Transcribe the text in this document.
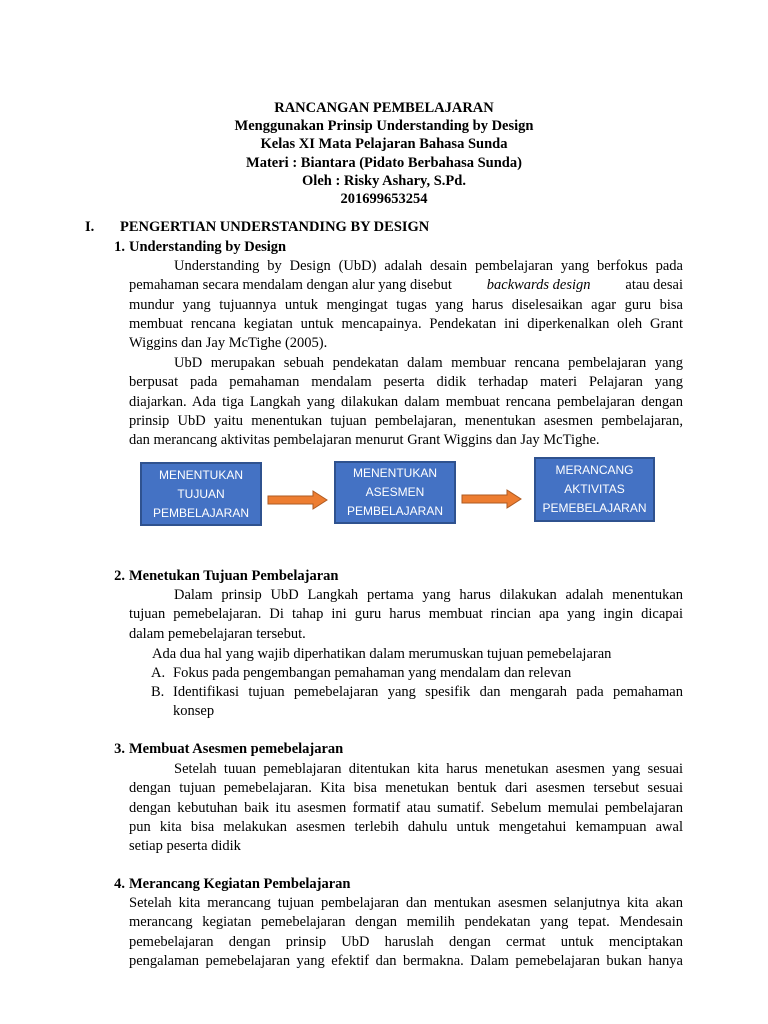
RANCANGAN PEMBELAJARAN
Menggunakan Prinsip Understanding by Design
Kelas XI Mata Pelajaran Bahasa Sunda
Materi : Biantara (Pidato Berbahasa Sunda)
Oleh : Risky Ashary, S.Pd.
201699653254
I. PENGERTIAN UNDERSTANDING BY DESIGN
1. Understanding by Design
Understanding by Design (UbD) adalah desain pembelajaran yang berfokus pada
pemahaman secara mendalam dengan alur yang disebut backwards design atau desai
mundur yang tujuannya untuk mengingat tugas yang harus diselesaikan agar guru bisa
membuat rencana kegiatan untuk mencapainya. Pendekatan ini diperkenalkan oleh Grant
Wiggins dan Jay McTighe (2005).
UbD merupakan sebuah pendekatan dalam membuar rencana pembelajaran yang
berpusat pada pemahaman mendalam peserta didik terhadap materi Pelajaran yang
diajarkan. Ada tiga Langkah yang dilakukan dalam membuat rencana pembelajaran dengan
prinsip UbD yaitu menentukan tujuan pembelajaran, menentukan asesmen pembelajaran,
dan merancang aktivitas pembelajaran menurut Grant Wiggins dan Jay McTighe.
MENENTUKAN
TUJUAN
PEMBELAJARAN
MENENTUKAN
ASESMEN
PEMBELAJARAN
MERANCANG
AKTIVITAS
PEMEBELAJARAN
2. Menetukan Tujuan Pembelajaran
Dalam prinsip UbD Langkah pertama yang harus dilakukan adalah menentukan
tujuan pemebelajaran. Di tahap ini guru harus membuat rincian apa yang ingin dicapai
dalam pemebelajaran tersebut.
Ada dua hal yang wajib diperhatikan dalam merumuskan tujuan pemebelajaran
A. Fokus pada pengembangan pemahaman yang mendalam dan relevan
B. Identifikasi tujuan pemebelajaran yang spesifik dan mengarah pada pemahaman
konsep
3. Membuat Asesmen pemebelajaran
Setelah tuuan pemeblajaran ditentukan kita harus menetukan asesmen yang sesuai
dengan tujuan pemebelajaran. Kita bisa menetukan bentuk dari asesmen tersebut sesuai
dengan kebutuhan baik itu asesmen formatif atau sumatif. Sebelum memulai pembelajaran
pun kita bisa melakukan asesmen terlebih dahulu untuk mengetahui kemampuan awal
setiap peserta didik
4. Merancang Kegiatan Pembelajaran
Setelah kita merancang tujuan pembelajaran dan mentukan asesmen selanjutnya kita akan
merancang kegiatan pemebelajaran dengan memilih pendekatan yang tepat. Mendesain
pemebelajaran dengan prinsip UbD haruslah dengan cermat untuk menciptakan
pengalaman pemebelajaran yang efektif dan bermakna. Dalam pemebelajaran bukan hanya
